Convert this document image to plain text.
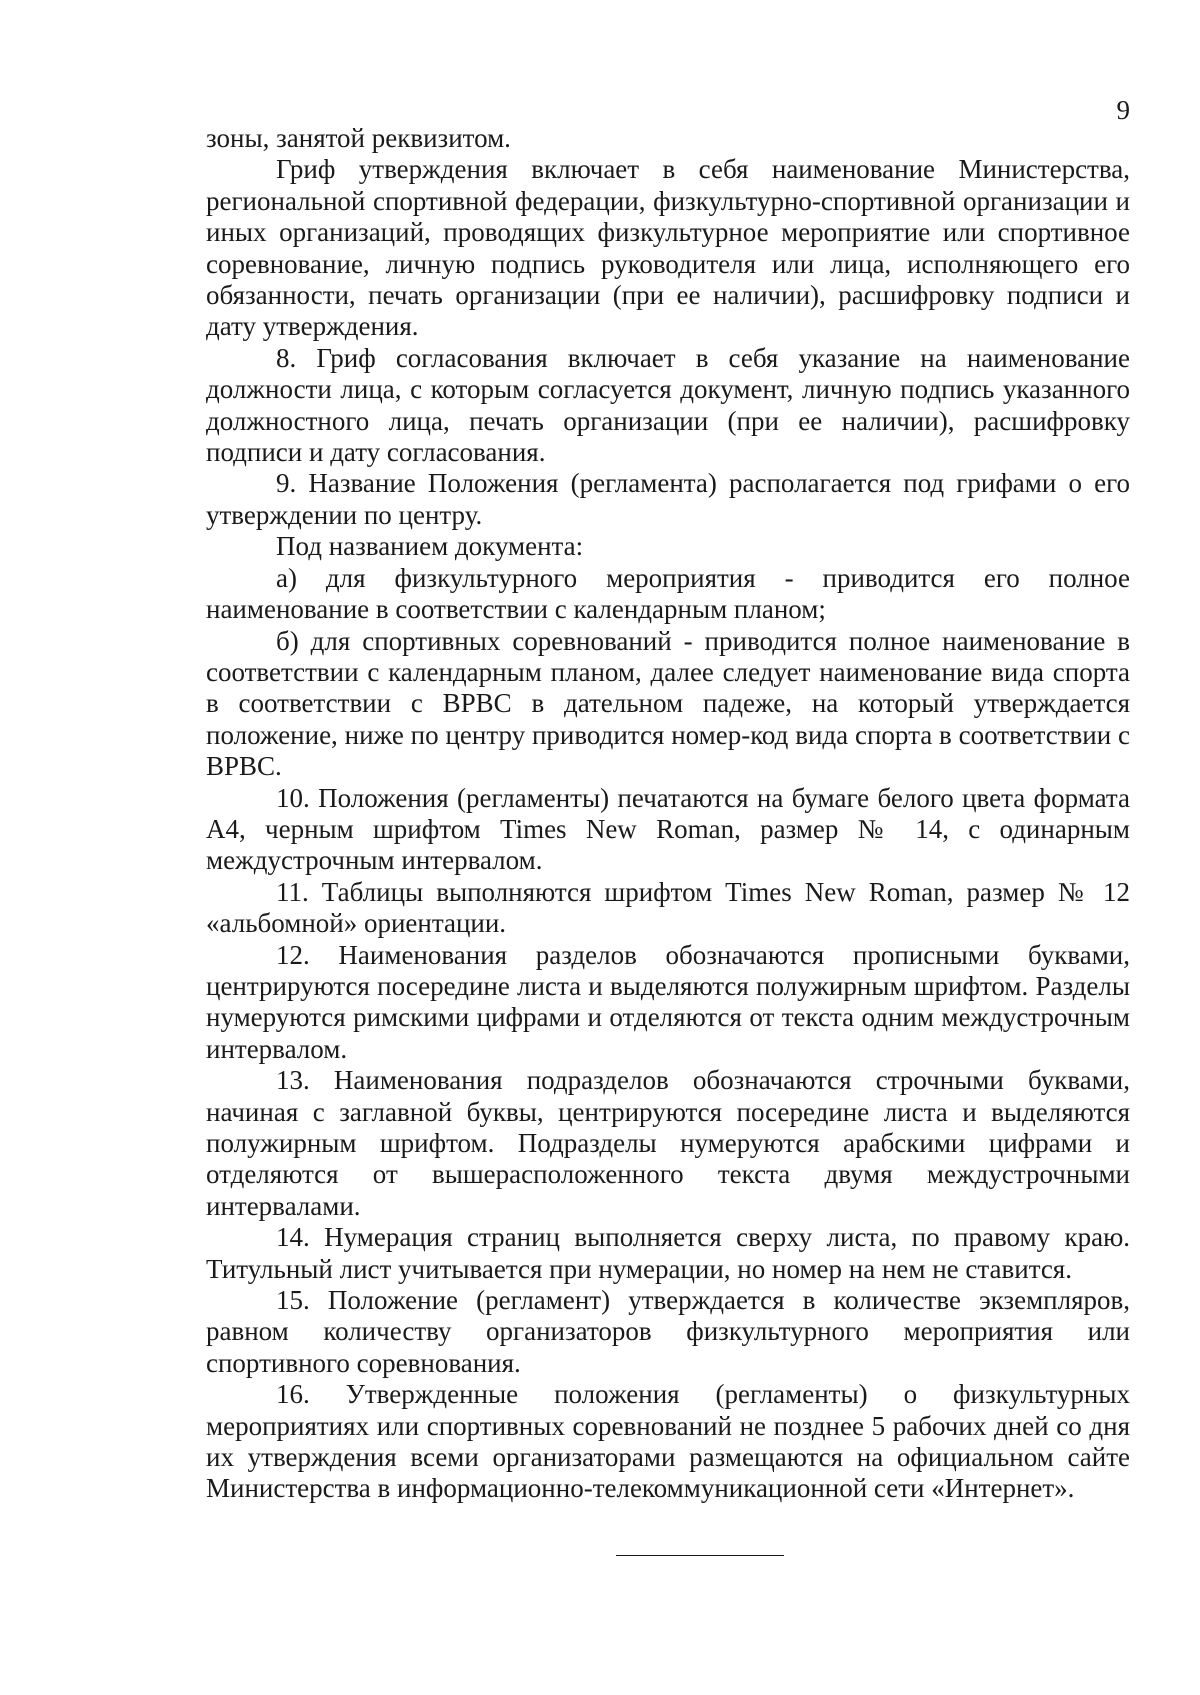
9

зоны, занятой реквизитом.

Гриф утверждения включает в себя наименование Министерства, региональной спортивной федерации, физкультурно-спортивной организации и иных организаций, проводящих физкультурное мероприятие или спортивное соревнование, личную подпись руководителя или лица, исполняющего его обязанности, печать организации (при ее наличии), расшифровку подписи и дату утверждения.

8. Гриф согласования включает в себя указание на наименование должности лица, с которым согласуется документ, личную подпись указанного должностного лица, печать организации (при ее наличии), расшифровку подписи и дату согласования.

9. Название Положения (регламента) располагается под грифами о его утверждении по центру.

Под названием документа:

а) для физкультурного мероприятия - приводится его полное наименование в соответствии с календарным планом;

б) для спортивных соревнований - приводится полное наименование в соответствии с календарным планом, далее следует наименование вида спорта в соответствии с ВРВС в дательном падеже, на который утверждается положение, ниже по центру приводится номер-код вида спорта в соответствии с ВРВС.

10. Положения (регламенты) печатаются на бумаге белого цвета формата А4, черным шрифтом Times New Roman, размер № 14, с одинарным междустрочным интервалом.

11. Таблицы выполняются шрифтом Times New Roman, размер № 12 «альбомной» ориентации.

12. Наименования разделов обозначаются прописными буквами, центрируются посередине листа и выделяются полужирным шрифтом. Разделы нумеруются римскими цифрами и отделяются от текста одним междустрочным интервалом.

13. Наименования подразделов обозначаются строчными буквами, начиная с заглавной буквы, центрируются посередине листа и выделяются полужирным шрифтом. Подразделы нумеруются арабскими цифрами и отделяются от вышерасположенного текста двумя междустрочными интервалами.

14. Нумерация страниц выполняется сверху листа, по правому краю. Титульный лист учитывается при нумерации, но номер на нем не ставится.

15. Положение (регламент) утверждается в количестве экземпляров, равном количеству организаторов физкультурного мероприятия или спортивного соревнования.

16. Утвержденные положения (регламенты) о физкультурных мероприятиях или спортивных соревнований не позднее 5 рабочих дней со дня их утверждения всеми организаторами размещаются на официальном сайте Министерства в информационно-телекоммуникационной сети «Интернет».
